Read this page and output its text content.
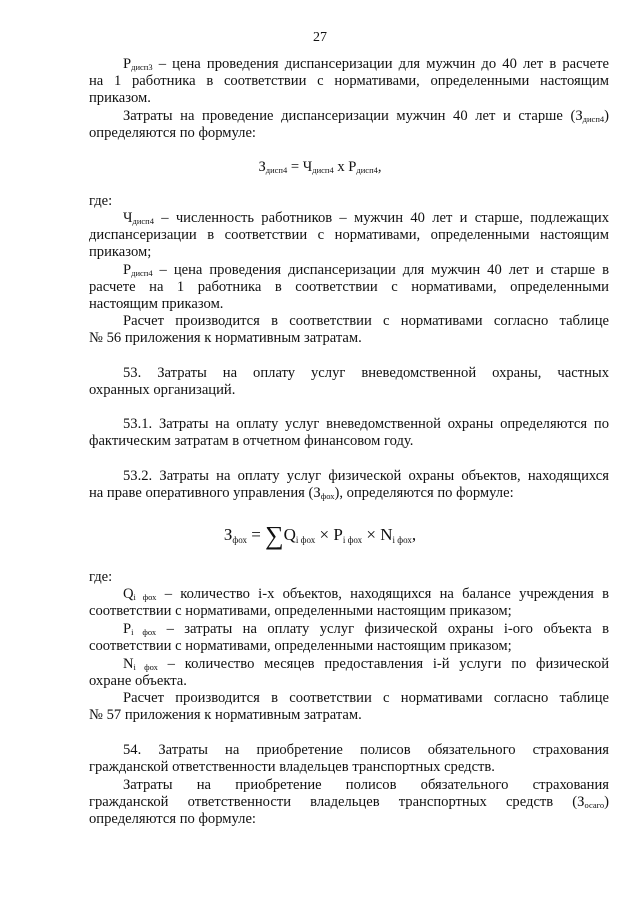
27
$Р_{дисп3}$ – цена проведения диспансеризации для мужчин до 40 лет в расчете
на 1 работника в соответствии с нормативами, определенными настоящим
приказом.
Затраты на проведение диспансеризации мужчин 40 лет и старше $(З_{дисп4})$
определяются по формуле:
$З_{дисп4} = Ч_{дисп4}$ х $Р_{дисп4}$,
где:
$Ч_{дисп4}$ – численность работников – мужчин 40 лет и старше, подлежащих
диспансеризации в соответствии с нормативами, определенными настоящим
приказом;
$Р_{дисп4}$ – цена проведения диспансеризации для мужчин 40 лет и старше в
расчете на 1 работника в соответствии с нормативами, определенными
настоящим приказом.
Расчет производится в соответствии с нормативами согласно таблице
№ 56 приложения к нормативным затратам.
53. Затраты на оплату услуг вневедомственной охраны, частных
охранных организаций.
53.1. Затраты на оплату услуг вневедомственной охраны определяются по
фактическим затратам в отчетном финансовом году.
53.2. Затраты на оплату услуг физической охраны объектов, находящихся
на праве оперативного управления $(З_{фох})$, определяются по формуле:
$З_{фох} = \sum Q_{i фох} \times P_{i фох} \times N_{i фох}$,
где:
$Q_{i фох}$ – количество i-х объектов, находящихся на балансе учреждения в
соответствии с нормативами, определенными настоящим приказом;
$P_{i фох}$ – затраты на оплату услуг физической охраны i-ого объекта в
соответствии с нормативами, определенными настоящим приказом;
$N_{i фох}$ – количество месяцев предоставления i-й услуги по физической
охране объекта.
Расчет производится в соответствии с нормативами согласно таблице
№ 57 приложения к нормативным затратам.
54. Затраты на приобретение полисов обязательного страхования
гражданской ответственности владельцев транспортных средств.
Затраты на приобретение полисов обязательного страхования
гражданской ответственности владельцев транспортных средств $(З_{осаго})$
определяются по формуле:
